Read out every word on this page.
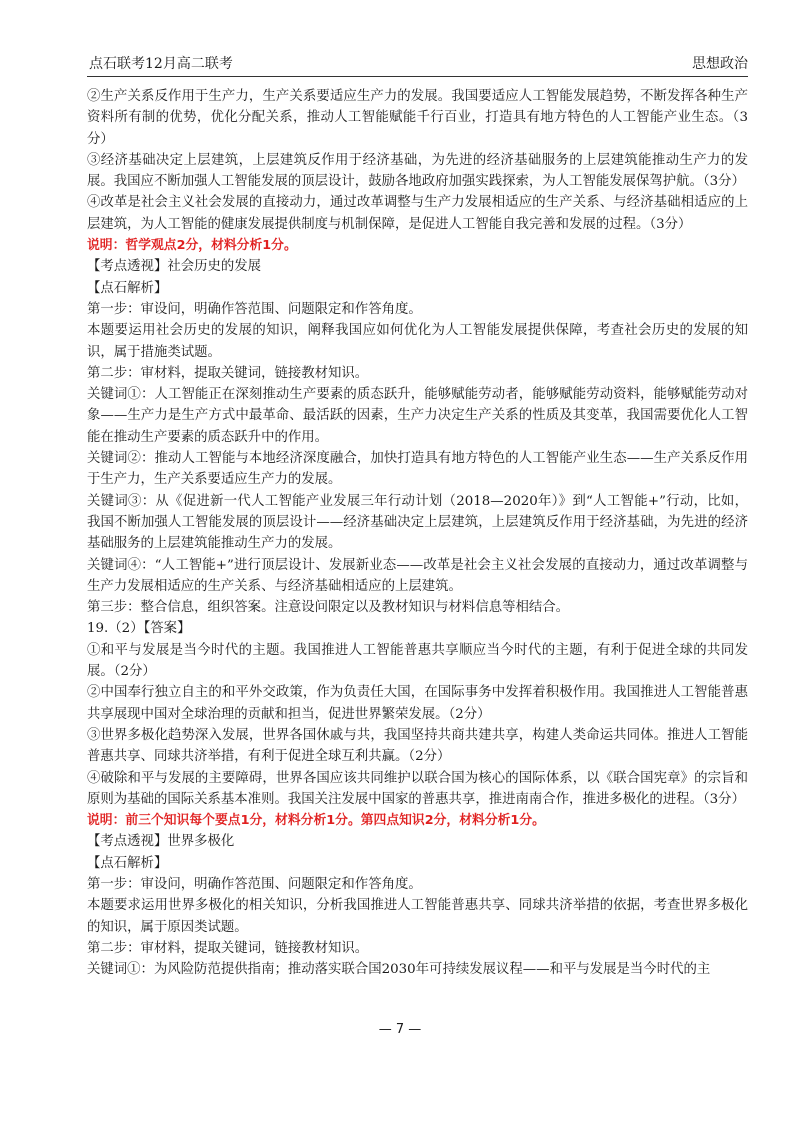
点石联考12月高二联考	思想政治

②生产关系反作用于生产力，生产关系要适应生产力的发展。我国要适应人工智能发展趋势，不断发挥各种生产资料所有制的优势，优化分配关系，推动人工智能赋能千行百业，打造具有地方特色的人工智能产业生态。（3分）

③经济基础决定上层建筑，上层建筑反作用于经济基础，为先进的经济基础服务的上层建筑能推动生产力的发展。我国应不断加强人工智能发展的顶层设计，鼓励各地政府加强实践探索，为人工智能发展保驾护航。（3分）

④改革是社会主义社会发展的直接动力，通过改革调整与生产力发展相适应的生产关系、与经济基础相适应的上层建筑，为人工智能的健康发展提供制度与机制保障，是促进人工智能自我完善和发展的过程。（3分）

说明：哲学观点2分，材料分析1分。

【考点透视】社会历史的发展

【点石解析】

第一步：审设问，明确作答范围、问题限定和作答角度。

本题要运用社会历史的发展的知识，阐释我国应如何优化为人工智能发展提供保障，考查社会历史的发展的知识，属于措施类试题。

第二步：审材料，提取关键词，链接教材知识。

关键词①：人工智能正在深刻推动生产要素的质态跃升，能够赋能劳动者，能够赋能劳动资料，能够赋能劳动对象——生产力是生产方式中最革命、最活跃的因素，生产力决定生产关系的性质及其变革，我国需要优化人工智能在推动生产要素的质态跃升中的作用。

关键词②：推动人工智能与本地经济深度融合，加快打造具有地方特色的人工智能产业生态——生产关系反作用于生产力，生产关系要适应生产力的发展。

关键词③：从《促进新一代人工智能产业发展三年行动计划（2018—2020年）》到“人工智能+”行动，比如，我国不断加强人工智能发展的顶层设计——经济基础决定上层建筑，上层建筑反作用于经济基础，为先进的经济基础服务的上层建筑能推动生产力的发展。

关键词④：“人工智能+”进行顶层设计、发展新业态——改革是社会主义社会发展的直接动力，通过改革调整与生产力发展相适应的生产关系、与经济基础相适应的上层建筑。

第三步：整合信息，组织答案。注意设问限定以及教材知识与材料信息等相结合。

19.（2）【答案】

①和平与发展是当今时代的主题。我国推进人工智能普惠共享顺应当今时代的主题，有利于促进全球的共同发展。（2分）

②中国奉行独立自主的和平外交政策，作为负责任大国，在国际事务中发挥着积极作用。我国推进人工智能普惠共享展现中国对全球治理的贡献和担当，促进世界繁荣发展。（2分）

③世界多极化趋势深入发展，世界各国休戚与共，我国坚持共商共建共享，构建人类命运共同体。推进人工智能普惠共享、同球共济举措，有利于促进全球互利共赢。（2分）

④破除和平与发展的主要障碍，世界各国应该共同维护以联合国为核心的国际体系，以《联合国宪章》的宗旨和原则为基础的国际关系基本准则。我国关注发展中国家的普惠共享，推进南南合作，推进多极化的进程。（3分）

说明：前三个知识每个要点1分，材料分析1分。第四点知识2分，材料分析1分。

【考点透视】世界多极化

【点石解析】

第一步：审设问，明确作答范围、问题限定和作答角度。

本题要求运用世界多极化的相关知识，分析我国推进人工智能普惠共享、同球共济举措的依据，考查世界多极化的知识，属于原因类试题。

第二步：审材料，提取关键词，链接教材知识。

关键词①：为风险防范提供指南；推动落实联合国2030年可持续发展议程——和平与发展是当今时代的主

— 7 —
